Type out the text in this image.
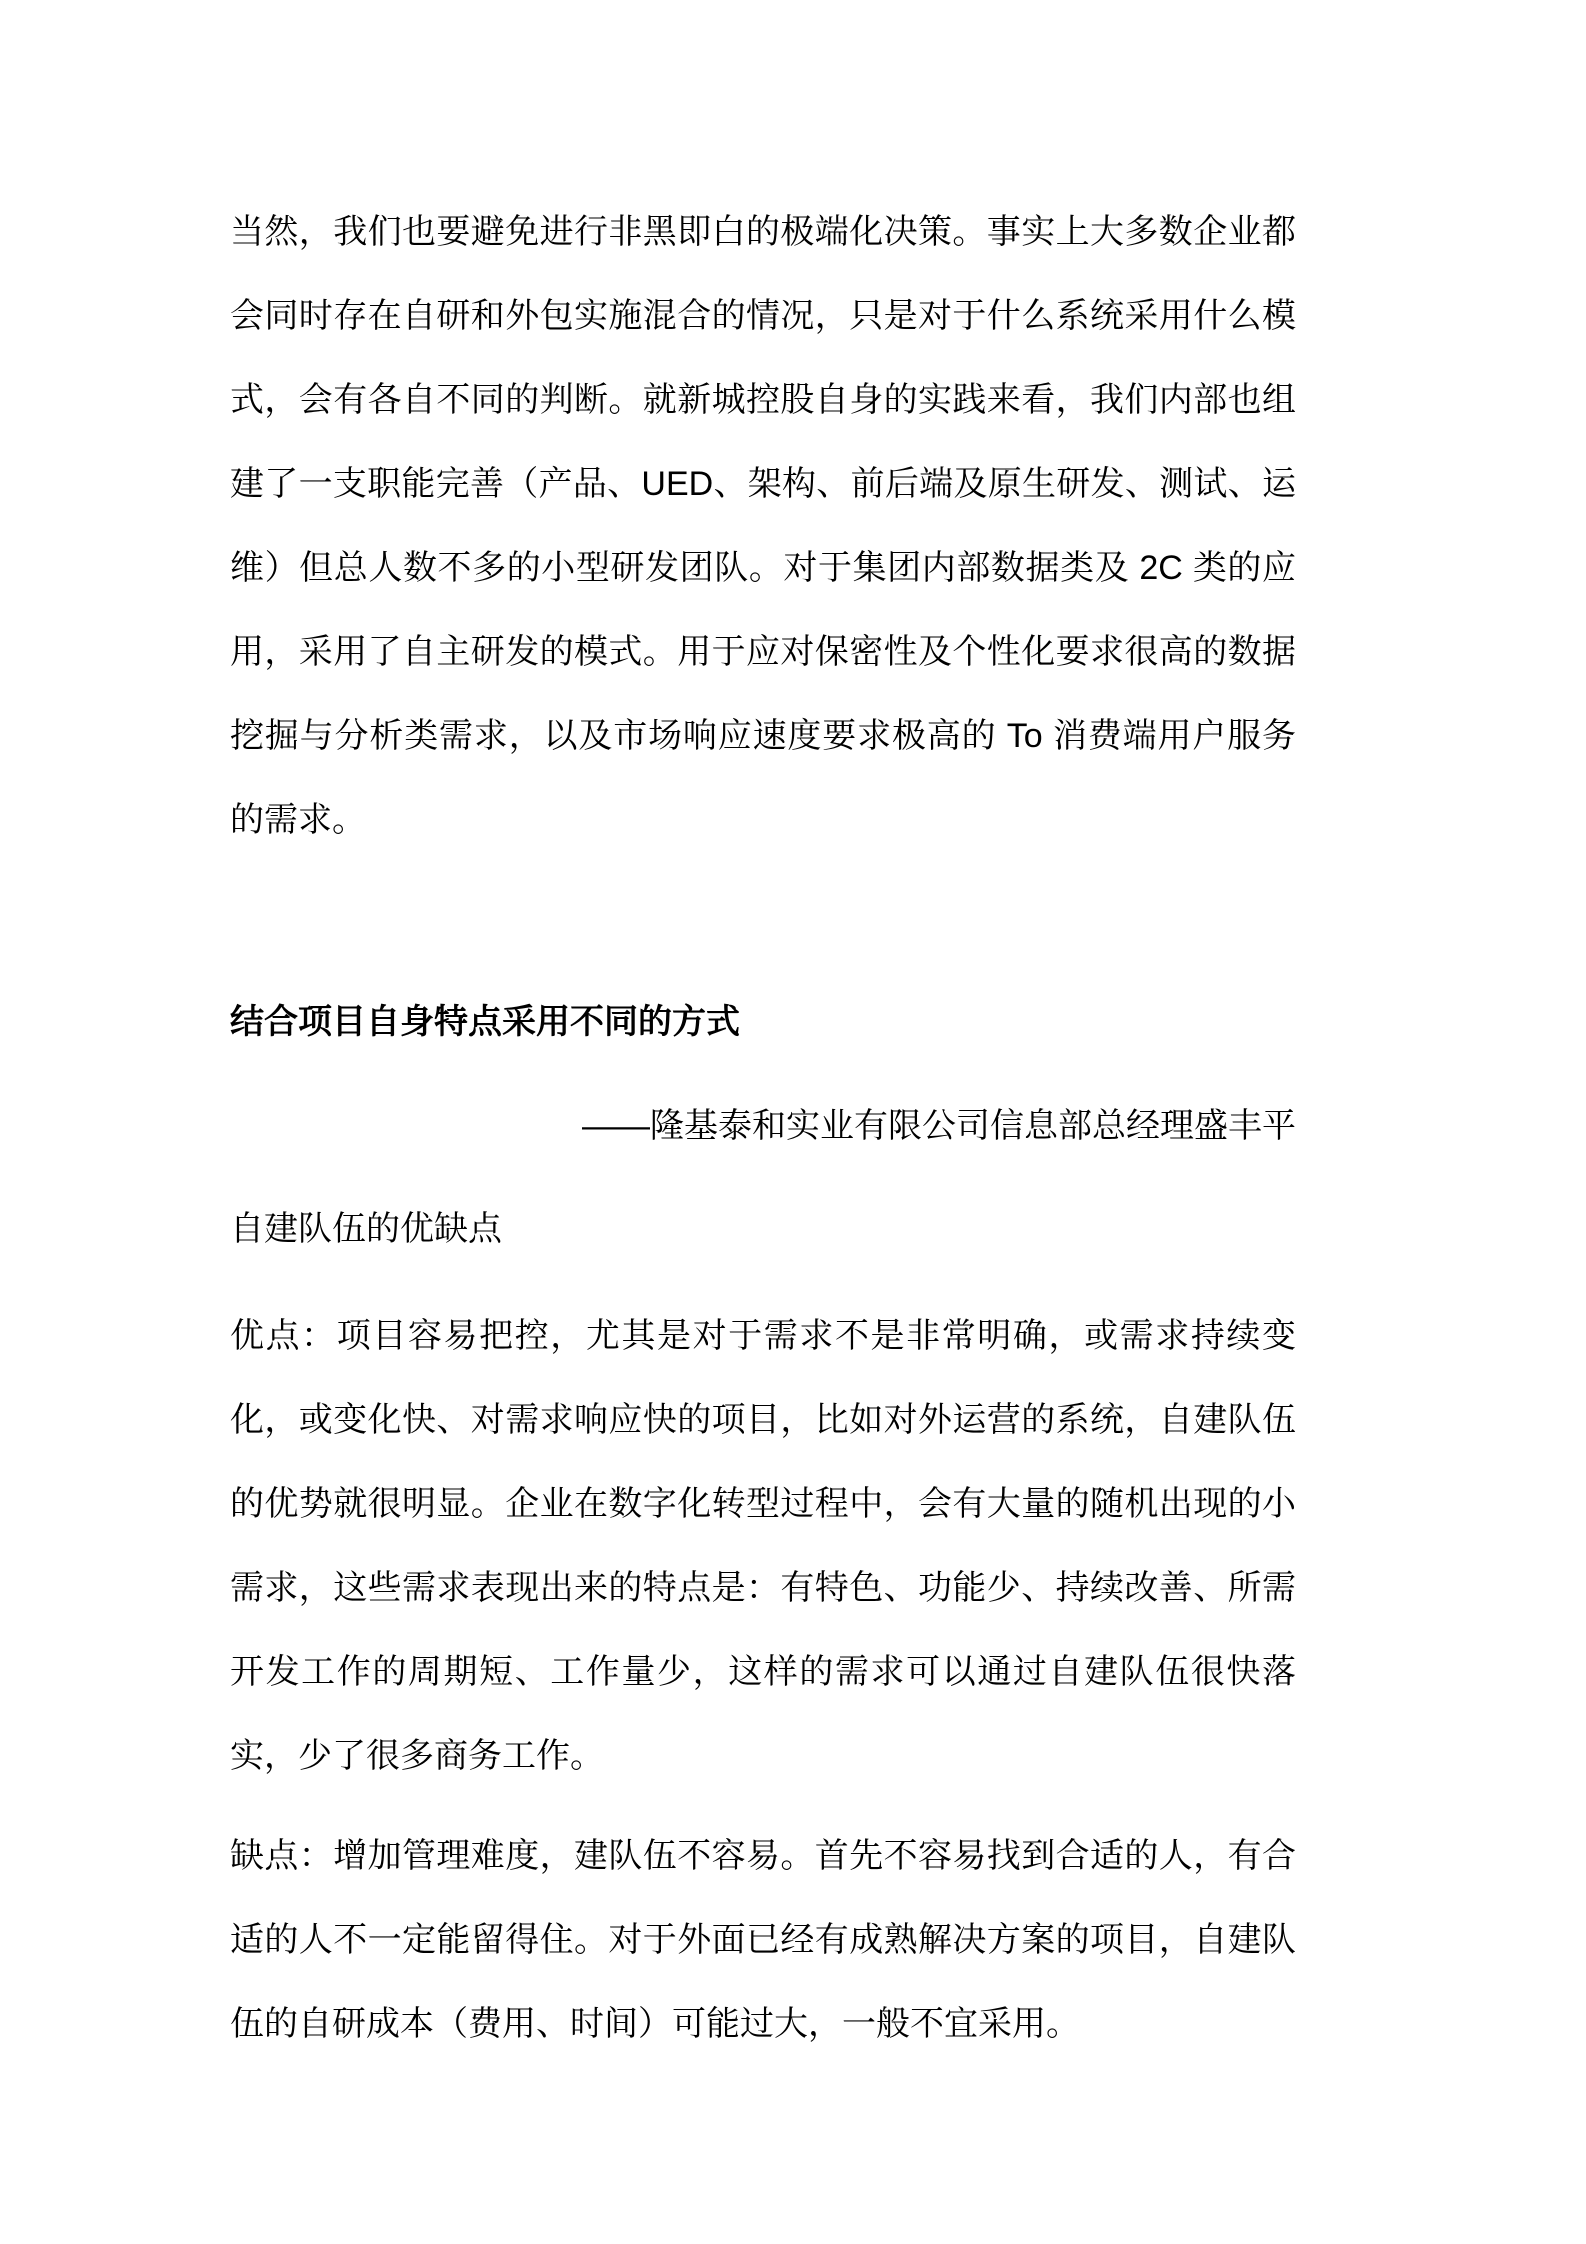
当然，我们也要避免进行非黑即白的极端化决策。事实上大多数企业都会同时存在自研和外包实施混合的情况，只是对于什么系统采用什么模式，会有各自不同的判断。就新城控股自身的实践来看，我们内部也组建了一支职能完善（产品、UED、架构、前后端及原生研发、测试、运维）但总人数不多的小型研发团队。对于集团内部数据类及 2C 类的应用，采用了自主研发的模式。用于应对保密性及个性化要求很高的数据挖掘与分析类需求，以及市场响应速度要求极高的 To 消费端用户服务的需求。

结合项目自身特点采用不同的方式

——隆基泰和实业有限公司信息部总经理盛丰平

自建队伍的优缺点

优点：项目容易把控，尤其是对于需求不是非常明确，或需求持续变化，或变化快、对需求响应快的项目，比如对外运营的系统，自建队伍的优势就很明显。企业在数字化转型过程中，会有大量的随机出现的小需求，这些需求表现出来的特点是：有特色、功能少、持续改善、所需开发工作的周期短、工作量少，这样的需求可以通过自建队伍很快落实，少了很多商务工作。

缺点：增加管理难度，建队伍不容易。首先不容易找到合适的人，有合适的人不一定能留得住。对于外面已经有成熟解决方案的项目，自建队伍的自研成本（费用、时间）可能过大，一般不宜采用。
